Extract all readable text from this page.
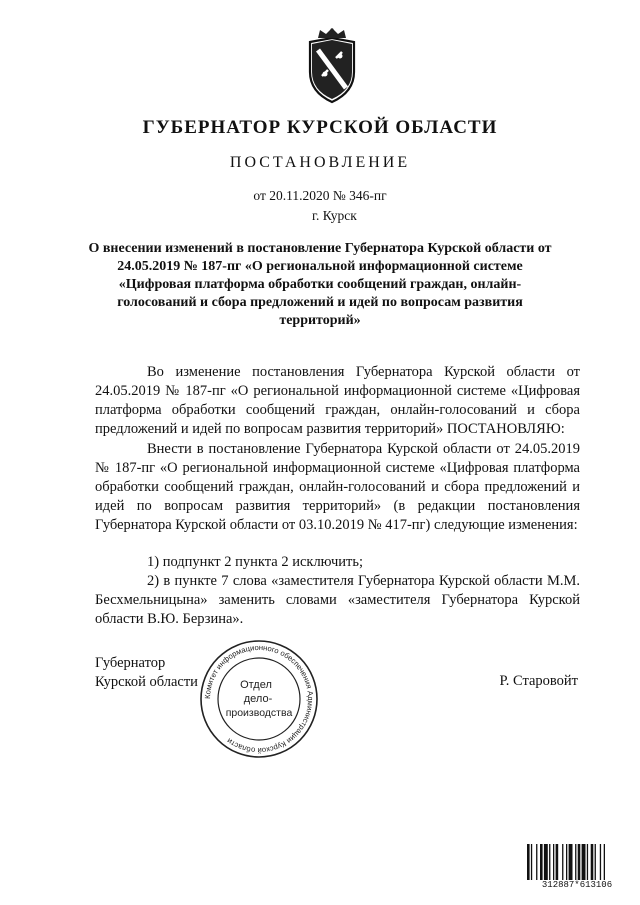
ГУБЕРНАТОР КУРСКОЙ ОБЛАСТИ
ПОСТАНОВЛЕНИЕ
от 20.11.2020 № 346-пг
г. Курск
О внесении изменений в постановление Губернатора Курской области от 24.05.2019 № 187-пг «О региональной информационной системе «Цифровая платформа обработки сообщений граждан, онлайн-голосований и сбора предложений и идей по вопросам развития территорий»
Во изменение постановления Губернатора Курской области от 24.05.2019 № 187-пг «О региональной информационной системе «Цифровая платформа обработки сообщений граждан, онлайн-голосований и сбора предложений и идей по вопросам развития территорий» ПОСТАНОВЛЯЮ:
Внести в постановление Губернатора Курской области от 24.05.2019 № 187-пг «О региональной информационной системе «Цифровая платформа обработки сообщений граждан, онлайн-голосований и сбора предложений и идей по вопросам развития территорий» (в редакции постановления Губернатора Курской области от 03.10.2019 № 417-пг) следующие изменения:
1) подпункт 2 пункта 2 исключить;
2) в пункте 7 слова «заместителя Губернатора Курской области М.М. Бесхмельницына» заменить словами «заместителя Губернатора Курской области В.Ю. Берзина».
Губернатор
Курской области	Р. Старовойт
Комитет информационного обеспечения Администрации Курской области
Отдел
дело-
производства
312887*613106
